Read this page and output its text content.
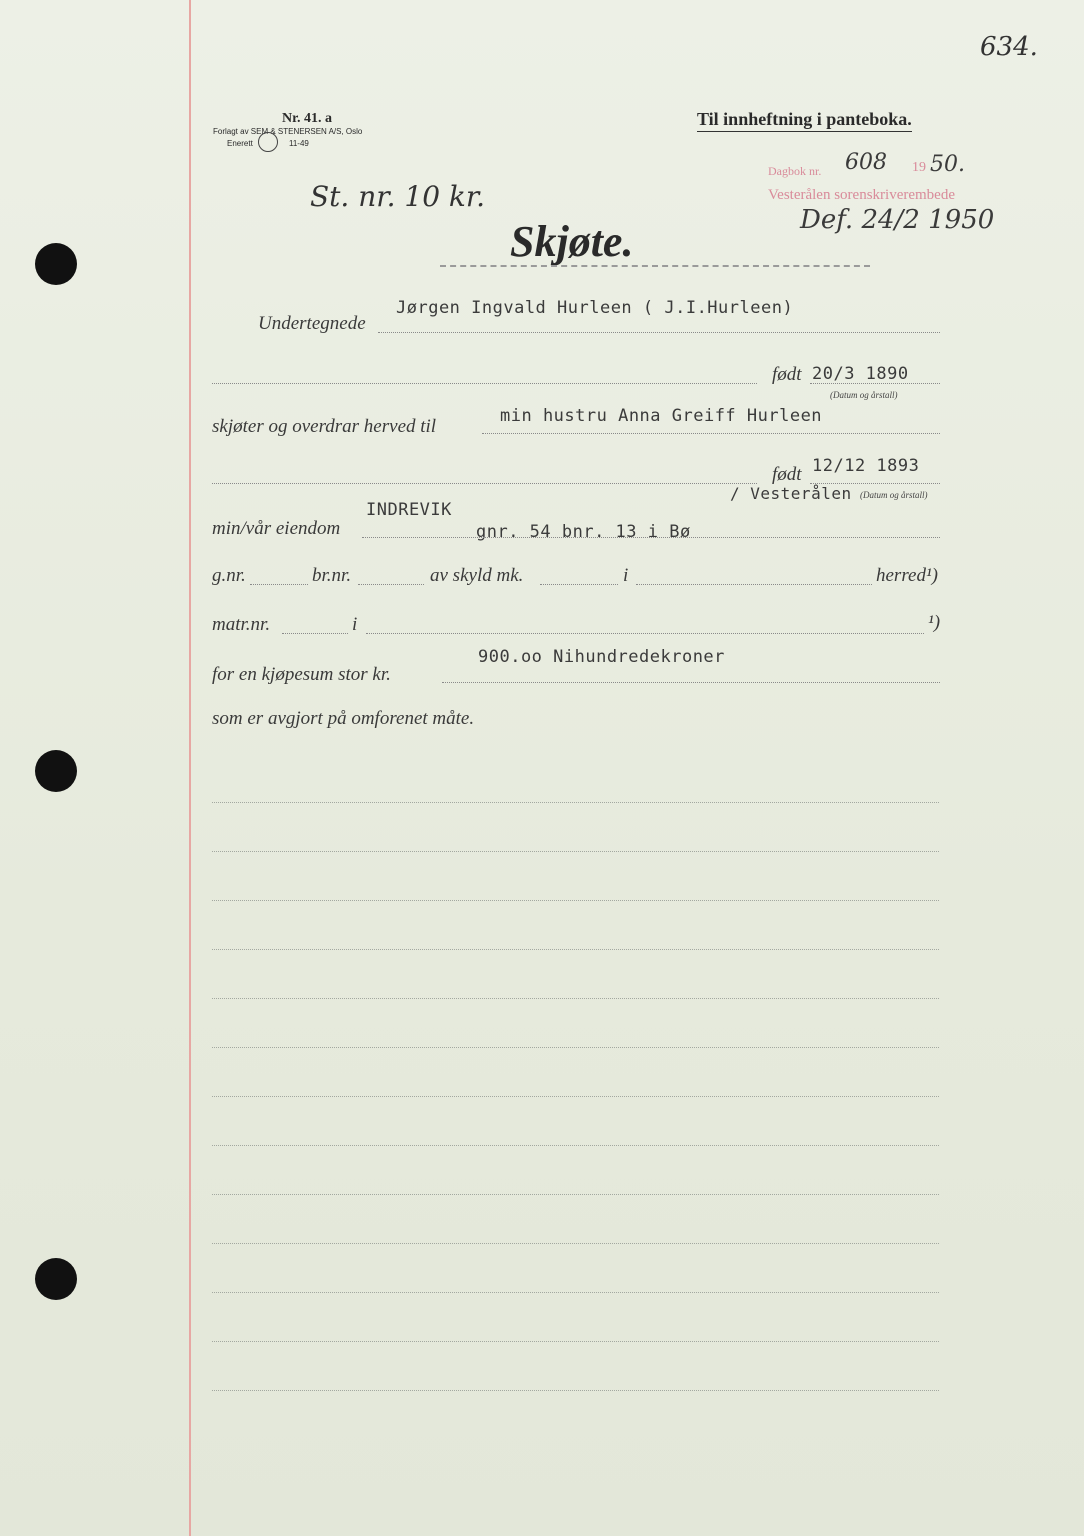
634.
Nr. 41. a
Forlagt av SEM & STENERSEN A/S, Oslo
Enerett	11-49
Til innheftning i panteboka.
Dagbok nr. 608 19 50.
Vesterålen sorenskriverembede
Def. 24/2 1950
St. nr. 10 kr.
Skjøte.
Undertegnede
Jørgen Ingvald Hurleen ( J.I.Hurleen)
født 20/3 1890
(Datum og årstall)
skjøter og overdrar herved til	min hustru Anna Greiff Hurleen
født 12/12 1893
/ Vesterålen (Datum og årstall)
min/vår eiendom
INDREVIK
gnr. 54 bnr. 13 i Bø
g.nr.	br.nr.	av skyld mk.	i	herred¹)
matr.nr.	i	¹)
for en kjøpesum stor kr.
900.oo Nihundredekroner
som er avgjort på omforenet måte.
